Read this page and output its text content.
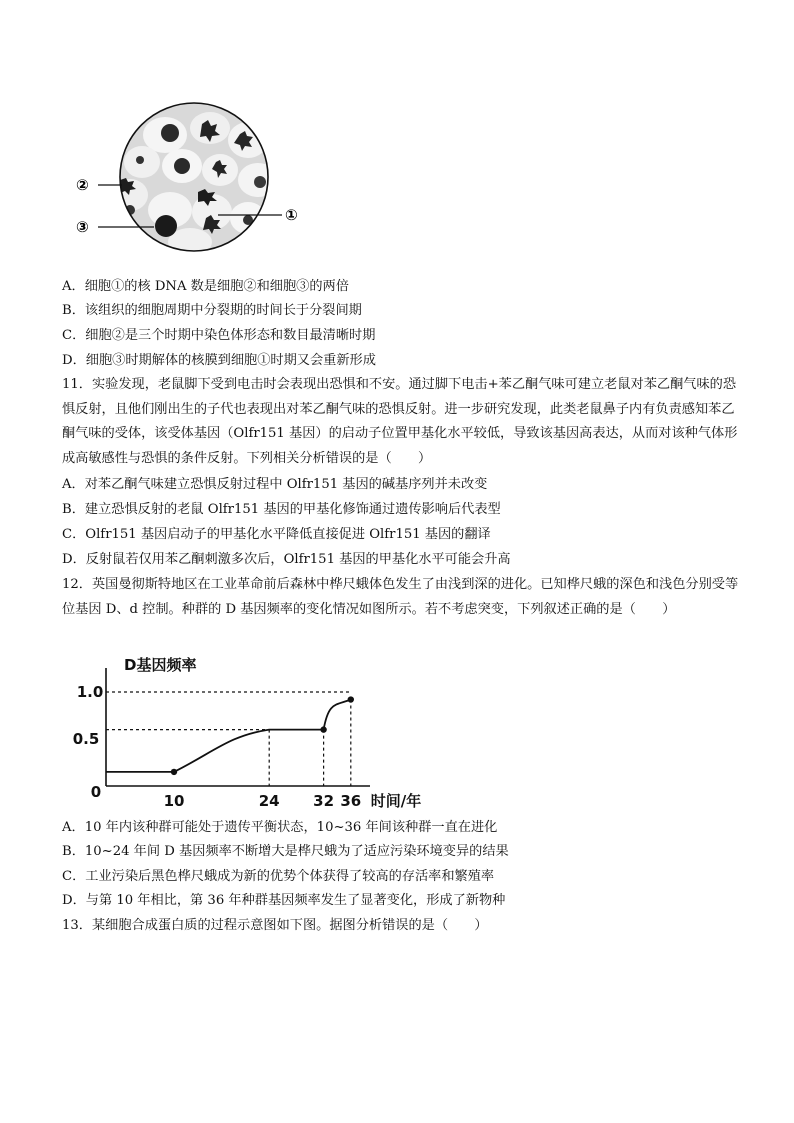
②
③
①
A．细胞①的核 DNA 数是细胞②和细胞③的两倍
B．该组织的细胞周期中分裂期的时间长于分裂间期
C．细胞②是三个时期中染色体形态和数目最清晰时期
D．细胞③时期解体的核膜到细胞①时期又会重新形成
11．实验发现，老鼠脚下受到电击时会表现出恐惧和不安。通过脚下电击+苯乙酮气味可建立老鼠对苯乙酮气味的恐惧反射，且他们刚出生的子代也表现出对苯乙酮气味的恐惧反射。进一步研究发现，此类老鼠鼻子内有负责感知苯乙酮气味的受体，该受体基因（Olfr151 基因）的启动子位置甲基化水平较低，导致该基因高表达，从而对该种气体形成高敏感性与恐惧的条件反射。下列相关分析错误的是（　　）
A．对苯乙酮气味建立恐惧反射过程中 Olfr151 基因的碱基序列并未改变
B．建立恐惧反射的老鼠 Olfr151 基因的甲基化修饰通过遗传影响后代表型
C．Olfr151 基因启动子的甲基化水平降低直接促进 Olfr151 基因的翻译
D．反射鼠若仅用苯乙酮刺激多次后，Olfr151 基因的甲基化水平可能会升高
12．英国曼彻斯特地区在工业革命前后森林中桦尺蛾体色发生了由浅到深的进化。已知桦尺蛾的深色和浅色分别受等位基因 D、d 控制。种群的 D 基因频率的变化情况如图所示。若不考虑突变，下列叙述正确的是（　　）
D基因频率
0
0.5
1.0
10	24 32 36 时间/年
A．10 年内该种群可能处于遗传平衡状态，10~36 年间该种群一直在进化
B．10~24 年间 D 基因频率不断增大是桦尺蛾为了适应污染环境变异的结果
C．工业污染后黑色桦尺蛾成为新的优势个体获得了较高的存活率和繁殖率
D．与第 10 年相比，第 36 年种群基因频率发生了显著变化，形成了新物种
13．某细胞合成蛋白质的过程示意图如下图。据图分析错误的是（　　）
